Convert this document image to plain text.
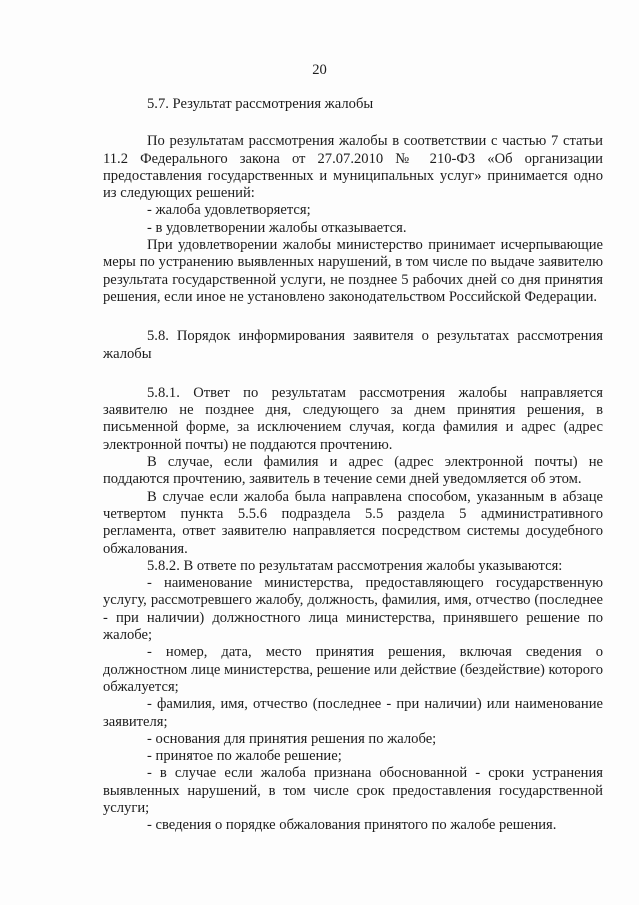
20

5.7. Результат рассмотрения жалобы

По результатам рассмотрения жалобы в соответствии с частью 7 статьи 11.2 Федерального закона от 27.07.2010 № 210-ФЗ «Об организации предоставления государственных и муниципальных услуг» принимается одно из следующих решений:

- жалоба удовлетворяется;

- в удовлетворении жалобы отказывается.

При удовлетворении жалобы министерство принимает исчерпывающие меры по устранению выявленных нарушений, в том числе по выдаче заявителю результата государственной услуги, не позднее 5 рабочих дней со дня принятия решения, если иное не установлено законодательством Российской Федерации.

5.8. Порядок информирования заявителя о результатах рассмотрения жалобы

5.8.1. Ответ по результатам рассмотрения жалобы направляется заявителю не позднее дня, следующего за днем принятия решения, в письменной форме, за исключением случая, когда фамилия и адрес (адрес электронной почты) не поддаются прочтению.

В случае, если фамилия и адрес (адрес электронной почты) не поддаются прочтению, заявитель в течение семи дней уведомляется об этом.

В случае если жалоба была направлена способом, указанным в абзаце четвертом пункта 5.5.6 подраздела 5.5 раздела 5 административного регламента, ответ заявителю направляется посредством системы досудебного обжалования.

5.8.2. В ответе по результатам рассмотрения жалобы указываются:

- наименование министерства, предоставляющего государственную услугу, рассмотревшего жалобу, должность, фамилия, имя, отчество (последнее - при наличии) должностного лица министерства, принявшего решение по жалобе;

- номер, дата, место принятия решения, включая сведения о должностном лице министерства, решение или действие (бездействие) которого обжалуется;

- фамилия, имя, отчество (последнее - при наличии) или наименование заявителя;

- основания для принятия решения по жалобе;

- принятое по жалобе решение;

- в случае если жалоба признана обоснованной - сроки устранения выявленных нарушений, в том числе срок предоставления государственной услуги;

- сведения о порядке обжалования принятого по жалобе решения.
